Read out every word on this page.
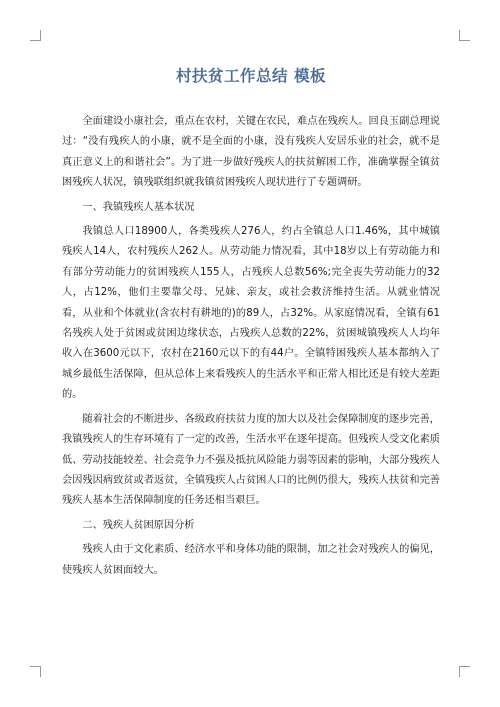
村扶贫工作总结 模板

全面建设小康社会，重点在农村，关键在农民，难点在残疾人。回良玉副总理说过：“没有残疾人的小康，就不是全面的小康，没有残疾人安居乐业的社会，就不是真正意义上的和谐社会”。为了进一步做好残疾人的扶贫解困工作，准确掌握全镇贫困残疾人状况，镇残联组织就我镇贫困残疾人现状进行了专题调研。

一、我镇残疾人基本状况

我镇总人口18900人，各类残疾人276人，约占全镇总人口1.46%，其中城镇残疾人14人，农村残疾人262人。从劳动能力情况看，其中18岁以上有劳动能力和有部分劳动能力的贫困残疾人155人，占残疾人总数56%;完全丧失劳动能力的32人，占12%，他们主要靠父母、兄妹、亲友，或社会救济维持生活。从就业情况看，从业和个体就业(含农村有耕地的)的89人，占32%。从家庭情况看，全镇有61名残疾人处于贫困或贫困边缘状态，占残疾人总数的22%，贫困城镇残疾人人均年收入在3600元以下，农村在2160元以下的有44户。全镇特困残疾人基本都纳入了城乡最低生活保障，但从总体上来看残疾人的生活水平和正常人相比还是有较大差距的。

随着社会的不断进步、各级政府扶贫力度的加大以及社会保障制度的逐步完善，我镇残疾人的生存环境有了一定的改善，生活水平在逐年提高。但残疾人受文化素质低、劳动技能较差、社会竞争力不强及抵抗风险能力弱等因素的影响，大部分残疾人会因残因病致贫或者返贫，全镇残疾人占贫困人口的比例仍很大，残疾人扶贫和完善残疾人基本生活保障制度的任务还相当艰巨。

二、残疾人贫困原因分析

残疾人由于文化素质、经济水平和身体功能的限制，加之社会对残疾人的偏见，使残疾人贫困面较大。
